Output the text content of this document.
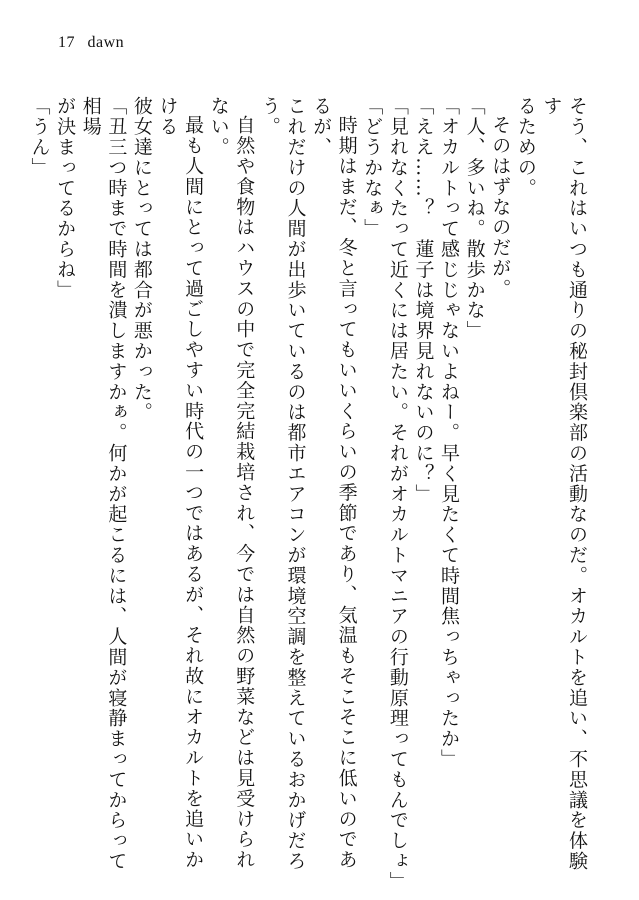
17 dawn

そう、これはいつも通りの秘封倶楽部の活動なのだ。オカルトを追い、不思議を体験す

るための。

そのはずなのだが。

「人、多いね。散歩かな」

「オカルトって感じじゃないよねー。早く見たくて時間焦っちゃったか」

「ええ……？　蓮子は境界見れないのに？」

「見れなくたって近くには居たい。それがオカルトマニアの行動原理ってもんでしょ」

「どうかなぁ」

時期はまだ、冬と言ってもいいくらいの季節であり、気温もそこそこに低いのであるが、

これだけの人間が出歩いているのは都市エアコンが環境空調を整えているおかげだろう。

自然や食物はハウスの中で完全完結栽培され、今では自然の野菜などは見受けられない。

最も人間にとって過ごしやすい時代の一つではあるが、それ故にオカルトを追いかける

彼女達にとっては都合が悪かった。

「丑三つ時まで時間を潰しますかぁ。何かが起こるには、人間が寝静まってからって相場

が決まってるからね」

「うん」
